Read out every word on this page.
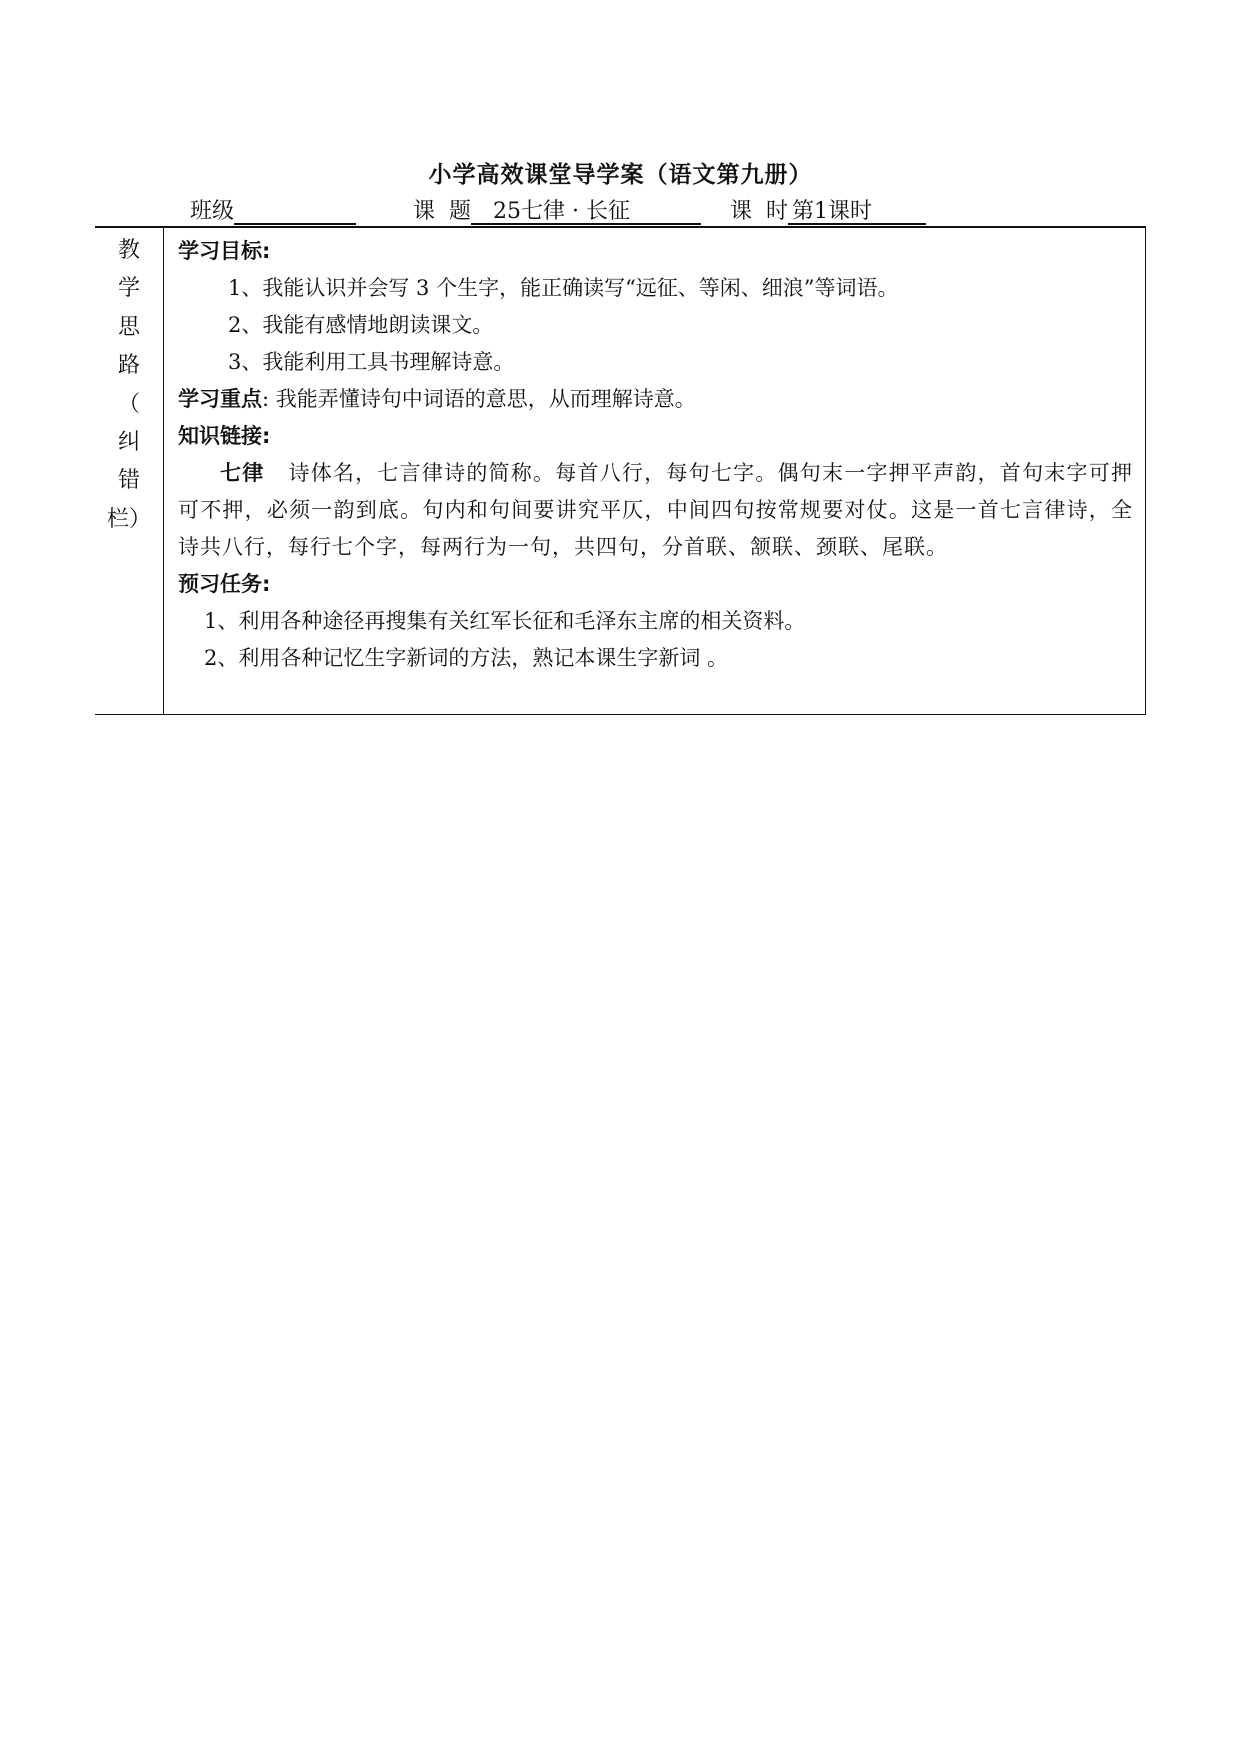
小学高效课堂导学案（语文第九册）
班级	课  题 25七律 · 长征	课  时 第1课时
教
学
思
路
（
纠
错
栏）

学习目标:
1、我能认识并会写 3 个生字，能正确读写“远征、等闲、细浪”等词语。
2、我能有感情地朗读课文。
3、我能利用工具书理解诗意。
学习重点: 我能弄懂诗句中词语的意思，从而理解诗意。
知识链接:
七律 诗体名，七言律诗的简称。每首八行，每句七字。偶句末一字押平声韵，首句末字可押可不押，必须一韵到底。句内和句间要讲究平仄，中间四句按常规要对仗。这是一首七言律诗，全诗共八行，每行七个字，每两行为一句，共四句，分首联、颔联、颈联、尾联。
预习任务:
1、利用各种途径再搜集有关红军长征和毛泽东主席的相关资料。
2、利用各种记忆生字新词的方法，熟记本课生字新词 。
